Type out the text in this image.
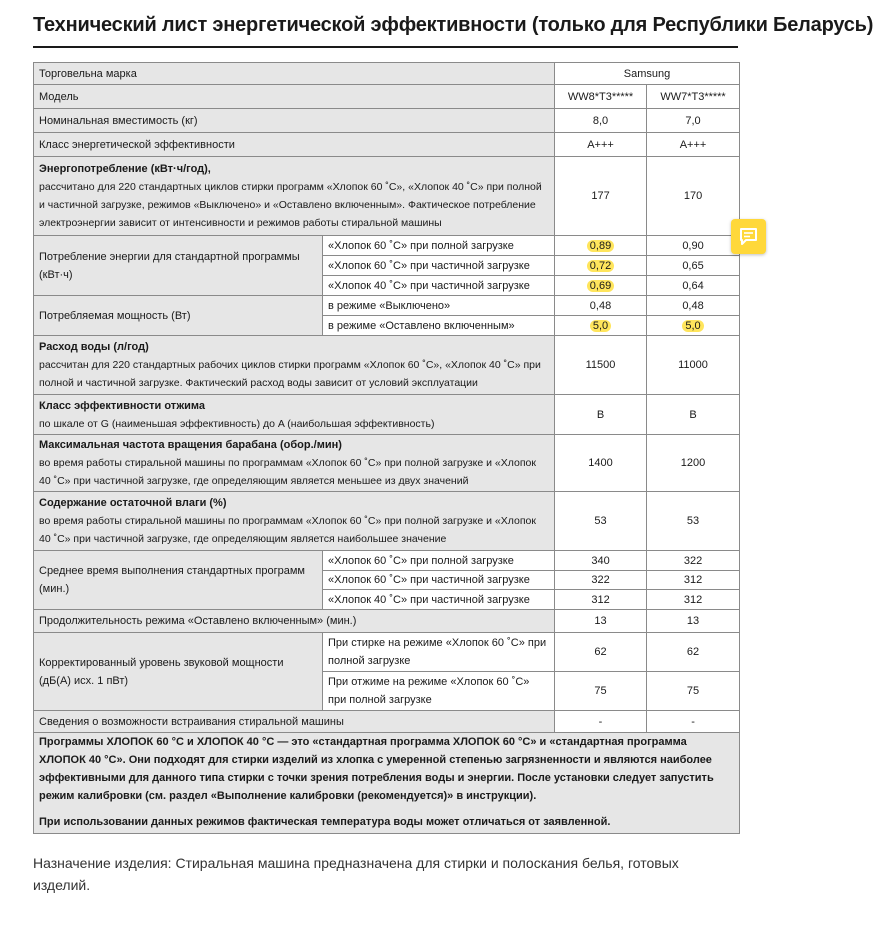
Технический лист энергетической эффективности (только для Республики Беларусь)
Торговельна марка		Samsung	
Модель		WW8*T3*****	WW7*T3*****
Номинальная вместимость (кг)		8,0	7,0
Класс энергетической эффективности		A+++	A+++

Энергопотребление (кВт·ч/год),
рассчитано для 220 стандартных циклов стирки программ «Хлопок 60 ˚С», «Хлопок 40 ˚С» при полной и частичной загрузке, режимов «Выключено» и «Оставлено включенным». Фактическое потребление электроэнергии зависит от интенсивности и режимов работы стиральной машины		177	170
Потребление энергии для стандартной программы (кВт·ч)	«Хлопок 60 ˚С» при полной загрузке	0,89	0,90
	«Хлопок 60 ˚С» при частичной загрузке	0,72	0,65
	«Хлопок 40 ˚С» при частичной загрузке	0,69	0,64
Потребляемая мощность (Вт)	в режиме «Выключено»	0,48	0,48
	в режиме «Оставлено включенным»	5,0	5,0

Расход воды (л/год)
рассчитан для 220 стандартных рабочих циклов стирки программ «Хлопок 60 ˚С», «Хлопок 40 ˚С» при полной и частичной загрузке. Фактический расход воды зависит от условий эксплуатации		11500	11000

Класс эффективности отжима
по шкале от G (наименьшая эффективность) до A (наибольшая эффективность)		B	B

Максимальная частота вращения барабана (обор./мин)
во время работы стиральной машины по программам «Хлопок 60 ˚С» при полной загрузке и «Хлопок 40 ˚С» при частичной загрузке, где определяющим является меньшее из двух значений		1400	1200

Содержание остаточной влаги (%)
во время работы стиральной машины по программам «Хлопок 60 ˚С» при полной загрузке и «Хлопок 40 ˚С» при частичной загрузке, где определяющим является наибольшее значение		53	53
Среднее время выполнения стандартных программ (мин.)	«Хлопок 60 ˚С» при полной загрузке	340	322
	«Хлопок 60 ˚С» при частичной загрузке	322	312
	«Хлопок 40 ˚С» при частичной загрузке	312	312
Продолжительность режима «Оставлено включенным» (мин.)		13	13
Корректированный уровень звуковой мощности (дБ(А) исх. 1 пВт)	При стирке на режиме «Хлопок 60 ˚С» при полной загрузке	62	62
	При отжиме на режиме «Хлопок 60 ˚С» при полной загрузке	75	75
Сведения о возможности встраивания стиральной машины		-	-

Программы ХЛОПОК 60 °C и ХЛОПОК 40 °C — это «стандартная программа ХЛОПОК 60 °C» и «стандартная программа ХЛОПОК 40 °C». Они подходят для стирки изделий из хлопка с умеренной степенью загрязненности и являются наиболее эффективными для данного типа стирки с точки зрения потребления воды и энергии. После установки следует запустить режим калибровки (см. раздел «Выполнение калибровки (рекомендуется)» в инструкции).

При использовании данных режимов фактическая температура воды может отличаться от заявленной.			

Назначение изделия: Стиральная машина предназначена для стирки и полоскания белья, готовых изделий.
